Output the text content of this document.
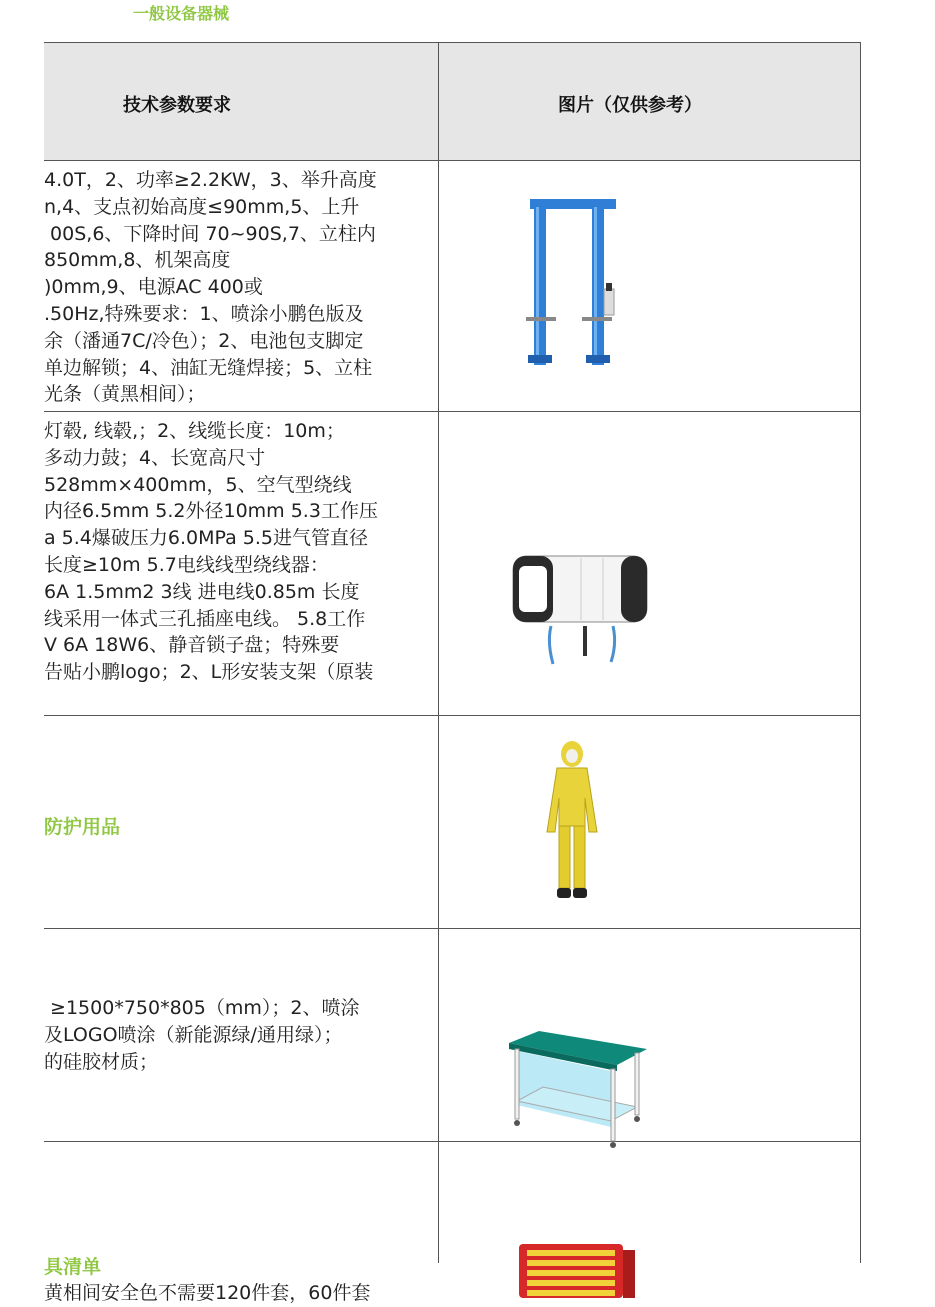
一般设备器械
技术参数要求	图片（仅供参考）
4.0T，2、功率≥2.2KW，3、举升高度
n,4、支点初始高度≤90mm,5、上升
00S,6、下降时间 70~90S,7、立柱内
850mm,8、机架高度
)0mm,9、电源AC 400或
.50Hz,特殊要求：1、喷涂小鹏色版及
余（潘通7C/冷色）；2、电池包支脚定
单边解锁；4、油缸无缝焊接；5、立柱
光条（黄黑相间）；
灯毂, 线毂,；2、线缆长度：10m；
多动力鼓；4、长宽高尺寸
528mm×400mm，5、空气型绕线
内径6.5mm 5.2外径10mm 5.3工作压
a 5.4爆破压力6.0MPa 5.5进气管直径
长度≥10m 5.7电线线型绕线器：
6A 1.5mm2 3线 进电线0.85m 长度
线采用一体式三孔插座电线。 5.8工作
V 6A 18W6、静音锁子盘；特殊要
告贴小鹏logo；2、L形安装支架（原装
防护用品
≥1500*750*805（mm）；2、喷涂
及LOGO喷涂（新能源绿/通用绿）；
的硅胶材质；
具清单
黄相间安全色不需要120件套，60件套
